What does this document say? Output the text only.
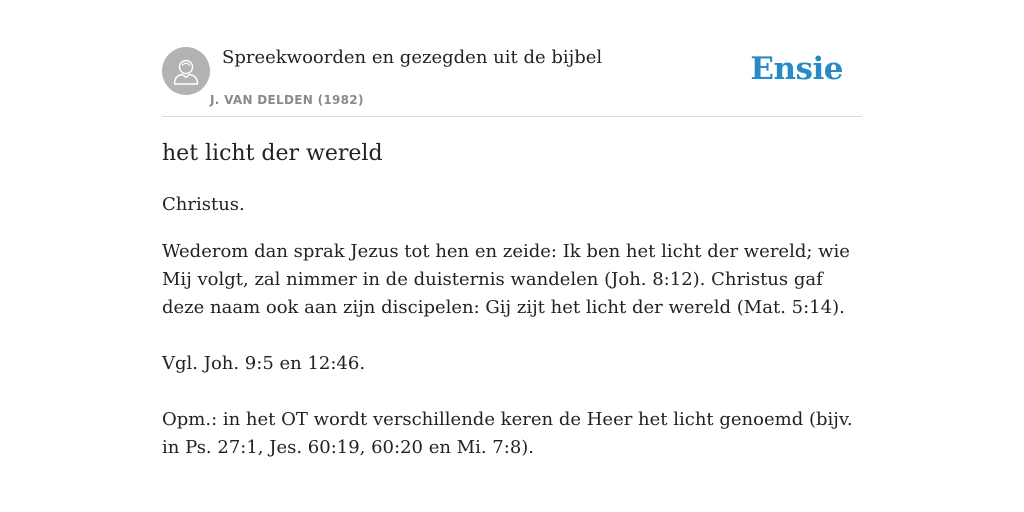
Spreekwoorden en gezegden uit de bijbel
J. VAN DELDEN (1982)
Ensie
het licht der wereld

Christus.

Wederom dan sprak Jezus tot hen en zeide: Ik ben het licht der wereld; wie Mij volgt, zal nimmer in de duisternis wandelen (Joh. 8:12). Christus gaf deze naam ook aan zijn discipelen: Gij zijt het licht der wereld (Mat. 5:14).

Vgl. Joh. 9:5 en 12:46.

Opm.: in het OT wordt verschillende keren de Heer het licht genoemd (bijv. in Ps. 27:1, Jes. 60:19, 60:20 en Mi. 7:8).
